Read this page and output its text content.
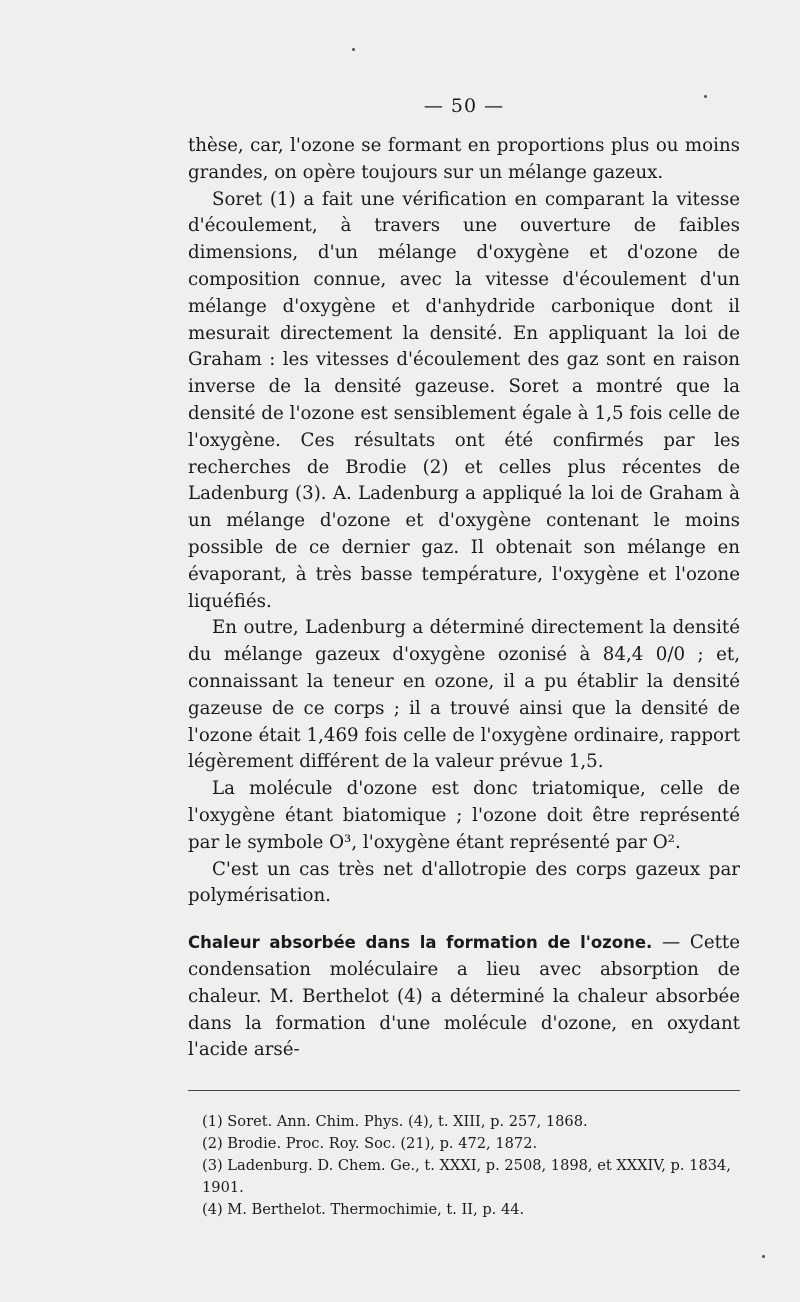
— 50 —

thèse, car, l'ozone se formant en proportions plus ou moins grandes, on opère toujours sur un mélange gazeux.

Soret (1) a fait une vérification en comparant la vitesse d'écoulement, à travers une ouverture de faibles dimensions, d'un mélange d'oxygène et d'ozone de composition connue, avec la vitesse d'écoulement d'un mélange d'oxygène et d'anhydride carbonique dont il mesurait directement la densité. En appliquant la loi de Graham : les vitesses d'écoulement des gaz sont en raison inverse de la densité gazeuse. Soret a montré que la densité de l'ozone est sensiblement égale à 1,5 fois celle de l'oxygène. Ces résultats ont été confirmés par les recherches de Brodie (2) et celles plus récentes de Ladenburg (3). A. Ladenburg a appliqué la loi de Graham à un mélange d'ozone et d'oxygène contenant le moins possible de ce dernier gaz. Il obtenait son mélange en évaporant, à très basse température, l'oxygène et l'ozone liquéfiés.

En outre, Ladenburg a déterminé directement la densité du mélange gazeux d'oxygène ozonisé à 84,4 0/0 ; et, connaissant la teneur en ozone, il a pu établir la densité gazeuse de ce corps ; il a trouvé ainsi que la densité de l'ozone était 1,469 fois celle de l'oxygène ordinaire, rapport légèrement différent de la valeur prévue 1,5.

La molécule d'ozone est donc triatomique, celle de l'oxygène étant biatomique ; l'ozone doit être représenté par le symbole O³, l'oxygène étant représenté par O².

C'est un cas très net d'allotropie des corps gazeux par polymérisation.

Chaleur absorbée dans la formation de l'ozone. — Cette condensation moléculaire a lieu avec absorption de chaleur. M. Berthelot (4) a déterminé la chaleur absorbée dans la formation d'une molécule d'ozone, en oxydant l'acide arsé-

(1) Soret. Ann. Chim. Phys. (4), t. XIII, p. 257, 1868.

(2) Brodie. Proc. Roy. Soc. (21), p. 472, 1872.

(3) Ladenburg. D. Chem. Ge., t. XXXI, p. 2508, 1898, et XXXIV, p. 1834, 1901.

(4) M. Berthelot. Thermochimie, t. II, p. 44.
